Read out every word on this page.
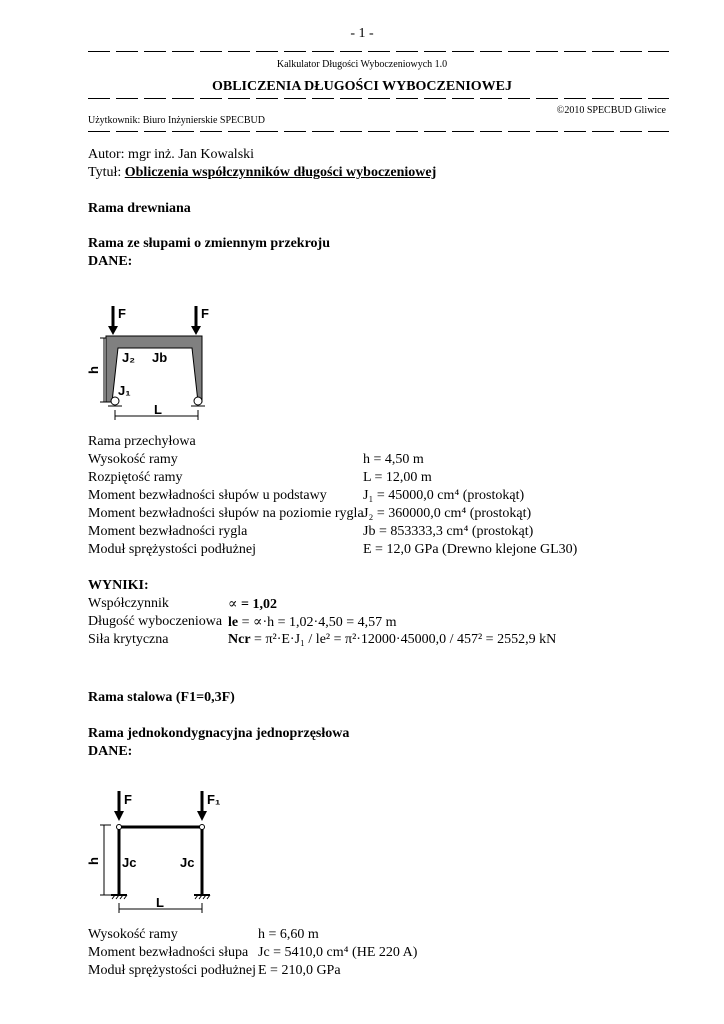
- 1 -
Kalkulator Długości Wyboczeniowych 1.0
OBLICZENIA DŁUGOŚCI WYBOCZENIOWEJ
©2010 SPECBUD Gliwice
Użytkownik: Biuro Inżynierskie SPECBUD
Autor: mgr inż. Jan Kowalski
Tytuł: Obliczenia współczynników długości wyboczeniowej
Rama drewniana
Rama ze słupami o zmiennym przekroju
DANE:
F	F
J₂ Jb
J₁
L
h
Rama przechyłowa
Wysokość ramy	h = 4,50 m
Rozpiętość ramy	L = 12,00 m
Moment bezwładności słupów u podstawy	J₁ = 45000,0 cm⁴ (prostokąt)
Moment bezwładności słupów na poziomie rygla J₂ = 360000,0 cm⁴ (prostokąt)
Moment bezwładności rygla	Jb = 853333,3 cm⁴ (prostokąt)
Moduł sprężystości podłużnej	E = 12,0 GPa (Drewno klejone GL30)
WYNIKI:
Współczynnik	∝ = 1,02
Długość wyboczeniowa le = ∝·h = 1,02·4,50 = 4,57 m
Siła krytyczna	Ncr = π²·E·J₁ / le² = π²·12000·45000,0 / 457² = 2552,9 kN
Rama stalowa (F1=0,3F)
Rama jednokondygnacyjna jednoprzęsłowa
DANE:
F	F₁
Jc	Jc
L
h
Wysokość ramy	h = 6,60 m
Moment bezwładności słupa Jc = 5410,0 cm⁴ (HE 220 A)
Moduł sprężystości podłużnej E = 210,0 GPa
